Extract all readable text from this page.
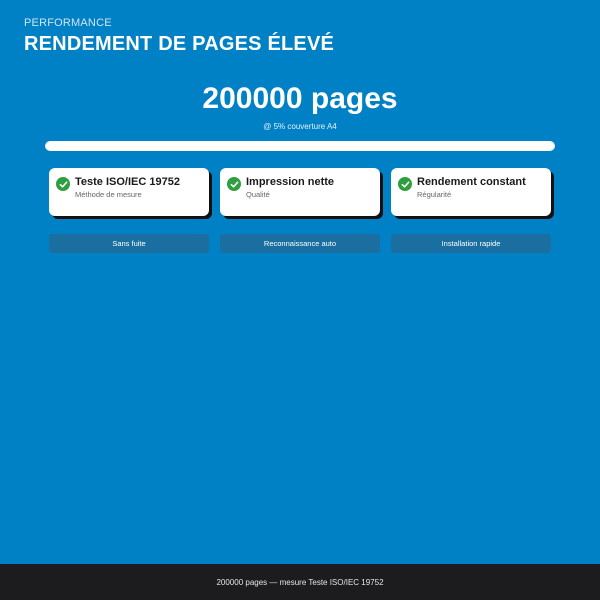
PERFORMANCE
RENDEMENT DE PAGES ÉLEVÉ
200000 pages
@ 5% couverture A4
Teste ISO/IEC 19752
Méthode de mesure
Impression nette
Qualité
Rendement constant
Régularité
Sans fuite	Reconnaissance auto	Installation rapide
200000 pages — mesure Teste ISO/IEC 19752
